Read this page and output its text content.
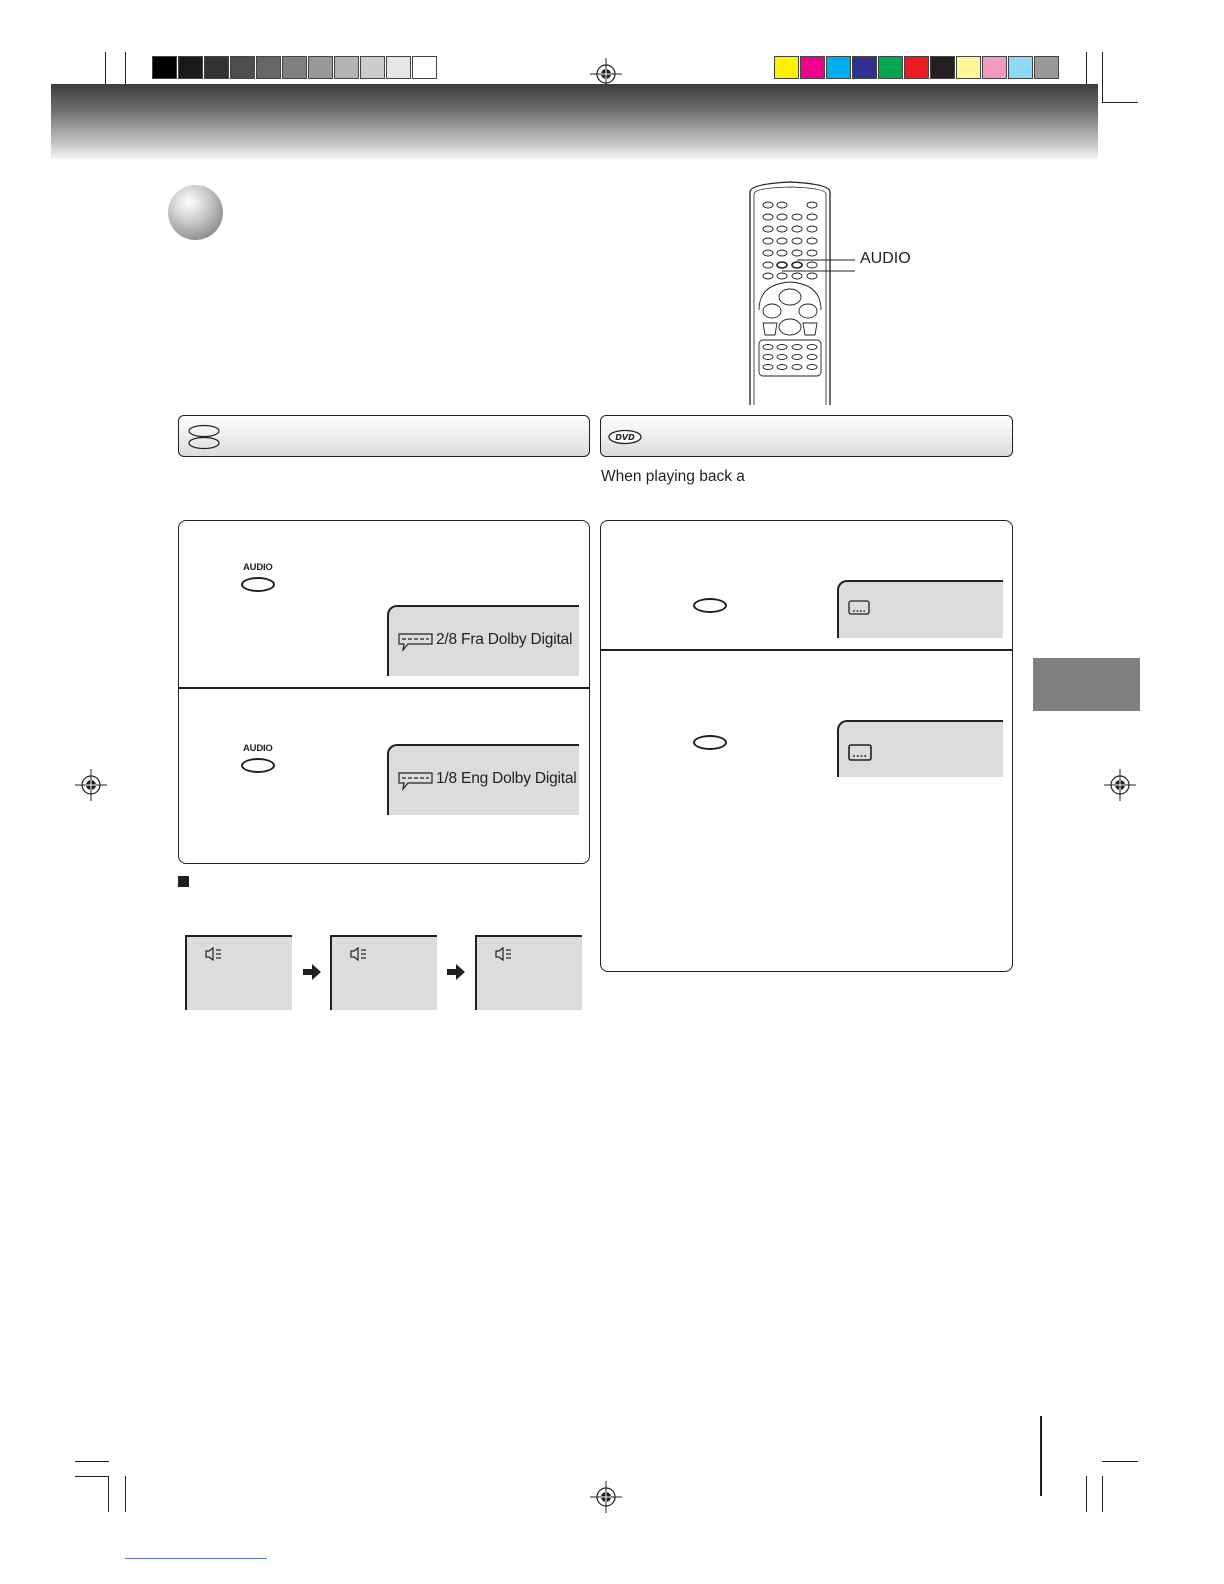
AUDIO
DVD
When playing back a
AUDIO
2/8 Fra Dolby Digital
AUDIO
1/8 Eng Dolby Digital
